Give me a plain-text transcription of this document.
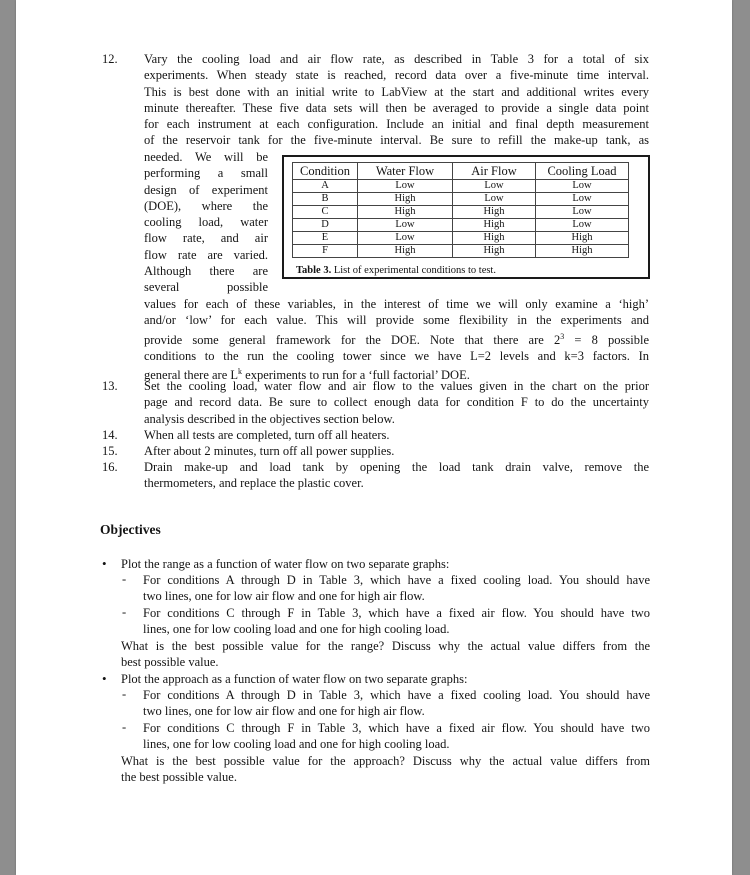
12. Vary the cooling load and air flow rate, as described in Table 3 for a total of six
experiments. When steady state is reached, record data over a five-minute time interval.
This is best done with an initial write to LabView at the start and additional writes every
minute thereafter. These five data sets will then be averaged to provide a single data point
for each instrument at each configuration. Include an initial and final depth measurement
of the reservoir tank for the five-minute interval. Be sure to refill the make-up tank, as
needed. We will be
performing a small
design of experiment
(DOE), where the
cooling load, water
flow rate, and air
flow rate are varied.
Although there are
several possible
Condition	Water Flow	Air Flow	Cooling Load
A	Low	Low	Low
B	High	Low	Low
C	High	High	Low
D	Low	High	Low
E	Low	High	High
F	High	High	High
Table 3. List of experimental conditions to test.
values for each of these variables, in the interest of time we will only examine a ‘high’
and/or ‘low’ for each value. This will provide some flexibility in the experiments and
provide some general framework for the DOE. Note that there are $2^3 = 8$ possible
conditions to the run the cooling tower since we have L=2 levels and k=3 factors. In
general there are $L^k$ experiments to run for a ‘full factorial’ DOE.
13. Set the cooling load, water flow and air flow to the values given in the chart on the prior
page and record data. Be sure to collect enough data for condition F to do the uncertainty
analysis described in the objectives section below.
14. When all tests are completed, turn off all heaters.
15. After about 2 minutes, turn off all power supplies.
16. Drain make-up and load tank by opening the load tank drain valve, remove the
thermometers, and replace the plastic cover.
Objectives
• Plot the range as a function of water flow on two separate graphs:
- For conditions A through D in Table 3, which have a fixed cooling load. You should have
two lines, one for low air flow and one for high air flow.
- For conditions C through F in Table 3, which have a fixed air flow. You should have two
lines, one for low cooling load and one for high cooling load.
What is the best possible value for the range? Discuss why the actual value differs from the
best possible value.
• Plot the approach as a function of water flow on two separate graphs:
- For conditions A through D in Table 3, which have a fixed cooling load. You should have
two lines, one for low air flow and one for high air flow.
- For conditions C through F in Table 3, which have a fixed air flow. You should have two
lines, one for low cooling load and one for high cooling load.
What is the best possible value for the approach? Discuss why the actual value differs from
the best possible value.
